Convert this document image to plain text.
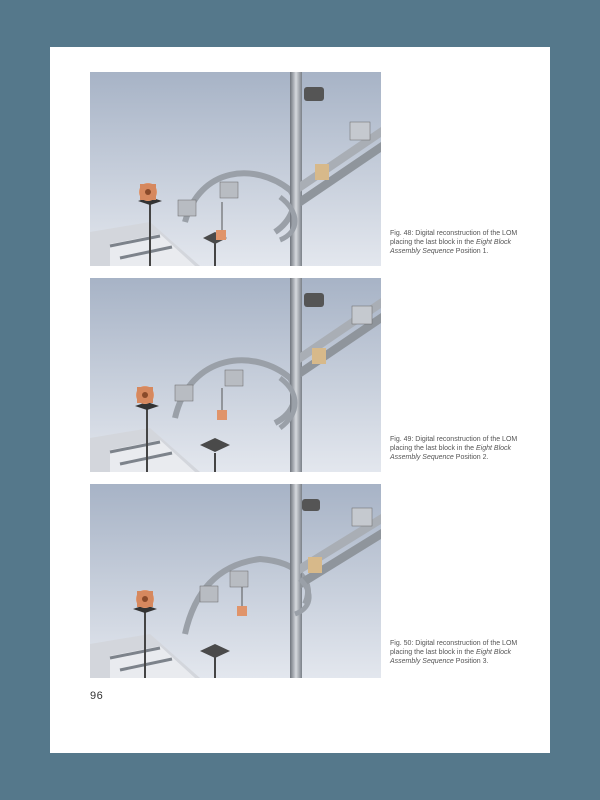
Fig. 48: Digital reconstruction of the LOM placing the last block in the Eight Block Assembly Sequence Position 1.
Fig. 49: Digital reconstruction of the LOM placing the last block in the Eight Block Assembly Sequence Position 2.
Fig. 50: Digital reconstruction of the LOM placing the last block in the Eight Block Assembly Sequence Position 3.
96
